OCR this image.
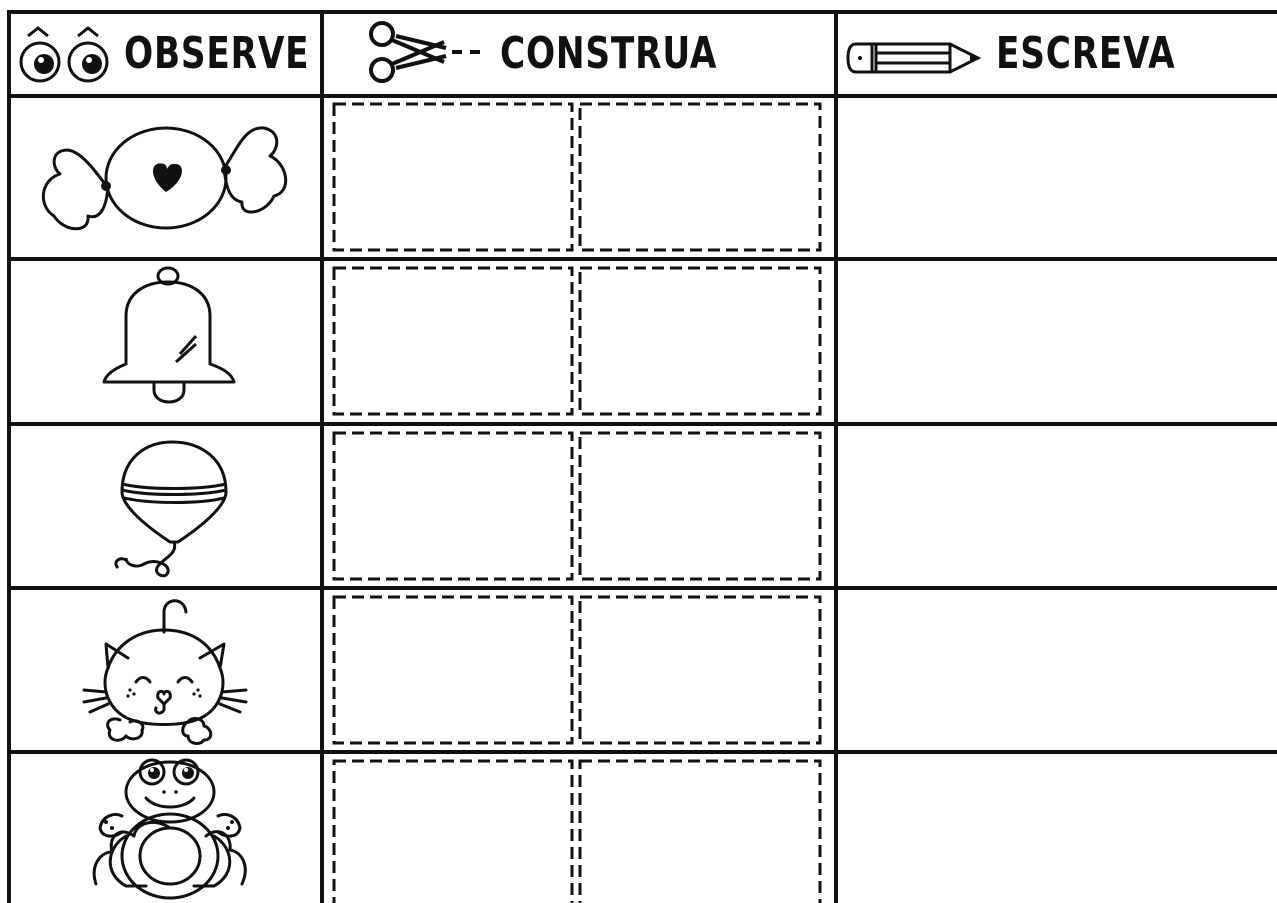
OBSERVE	CONSTRUA	ESCREVA
